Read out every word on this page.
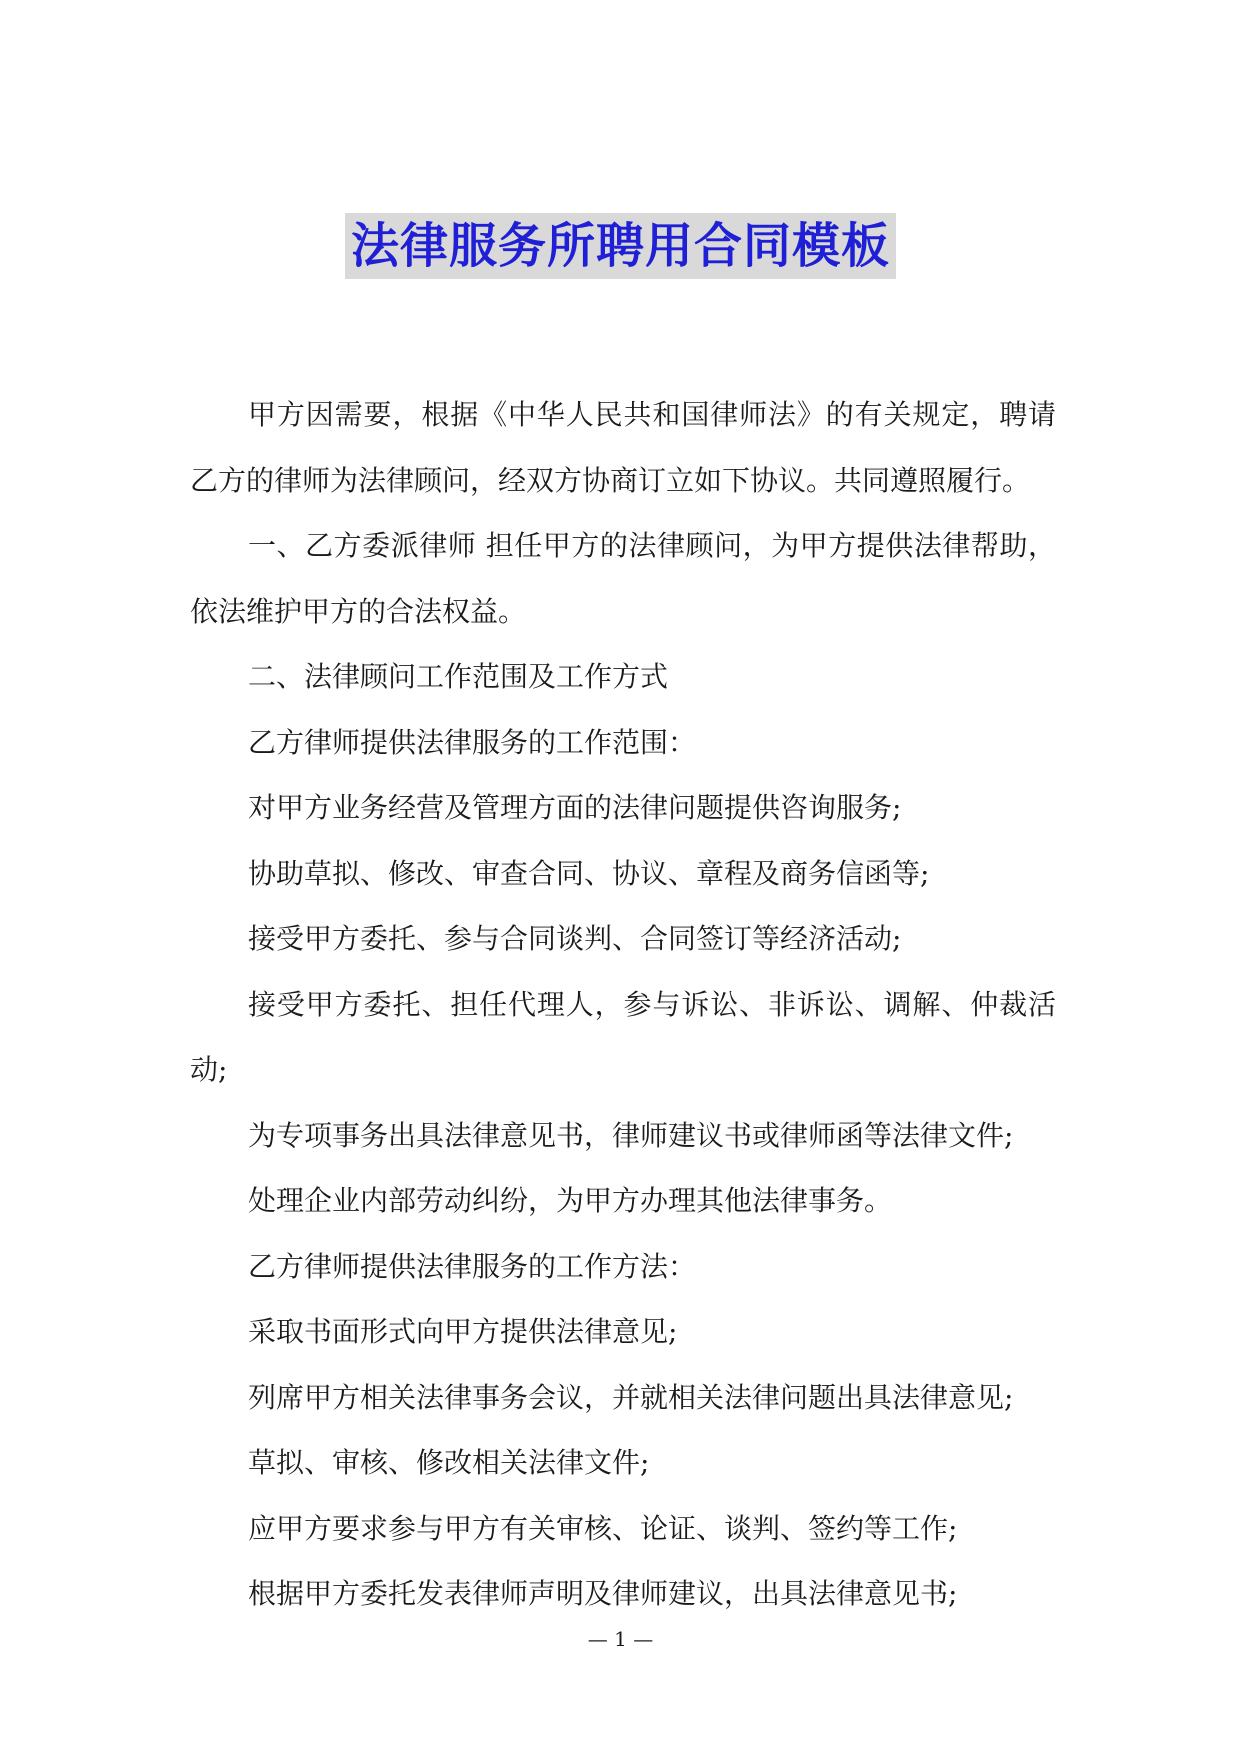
法律服务所聘用合同模板

甲方因需要，根据《中华人民共和国律师法》的有关规定，聘请乙方的律师为法律顾问，经双方协商订立如下协议。共同遵照履行。

一、乙方委派律师 担任甲方的法律顾问，为甲方提供法律帮助，依法维护甲方的合法权益。

二、法律顾问工作范围及工作方式

乙方律师提供法律服务的工作范围：

对甲方业务经营及管理方面的法律问题提供咨询服务;

协助草拟、修改、审查合同、协议、章程及商务信函等;

接受甲方委托、参与合同谈判、合同签订等经济活动;

接受甲方委托、担任代理人，参与诉讼、非诉讼、调解、仲裁活动;

为专项事务出具法律意见书，律师建议书或律师函等法律文件;

处理企业内部劳动纠纷，为甲方办理其他法律事务。

乙方律师提供法律服务的工作方法：

采取书面形式向甲方提供法律意见;

列席甲方相关法律事务会议，并就相关法律问题出具法律意见;

草拟、审核、修改相关法律文件;

应甲方要求参与甲方有关审核、论证、谈判、签约等工作;

根据甲方委托发表律师声明及律师建议，出具法律意见书;

— 1 —
